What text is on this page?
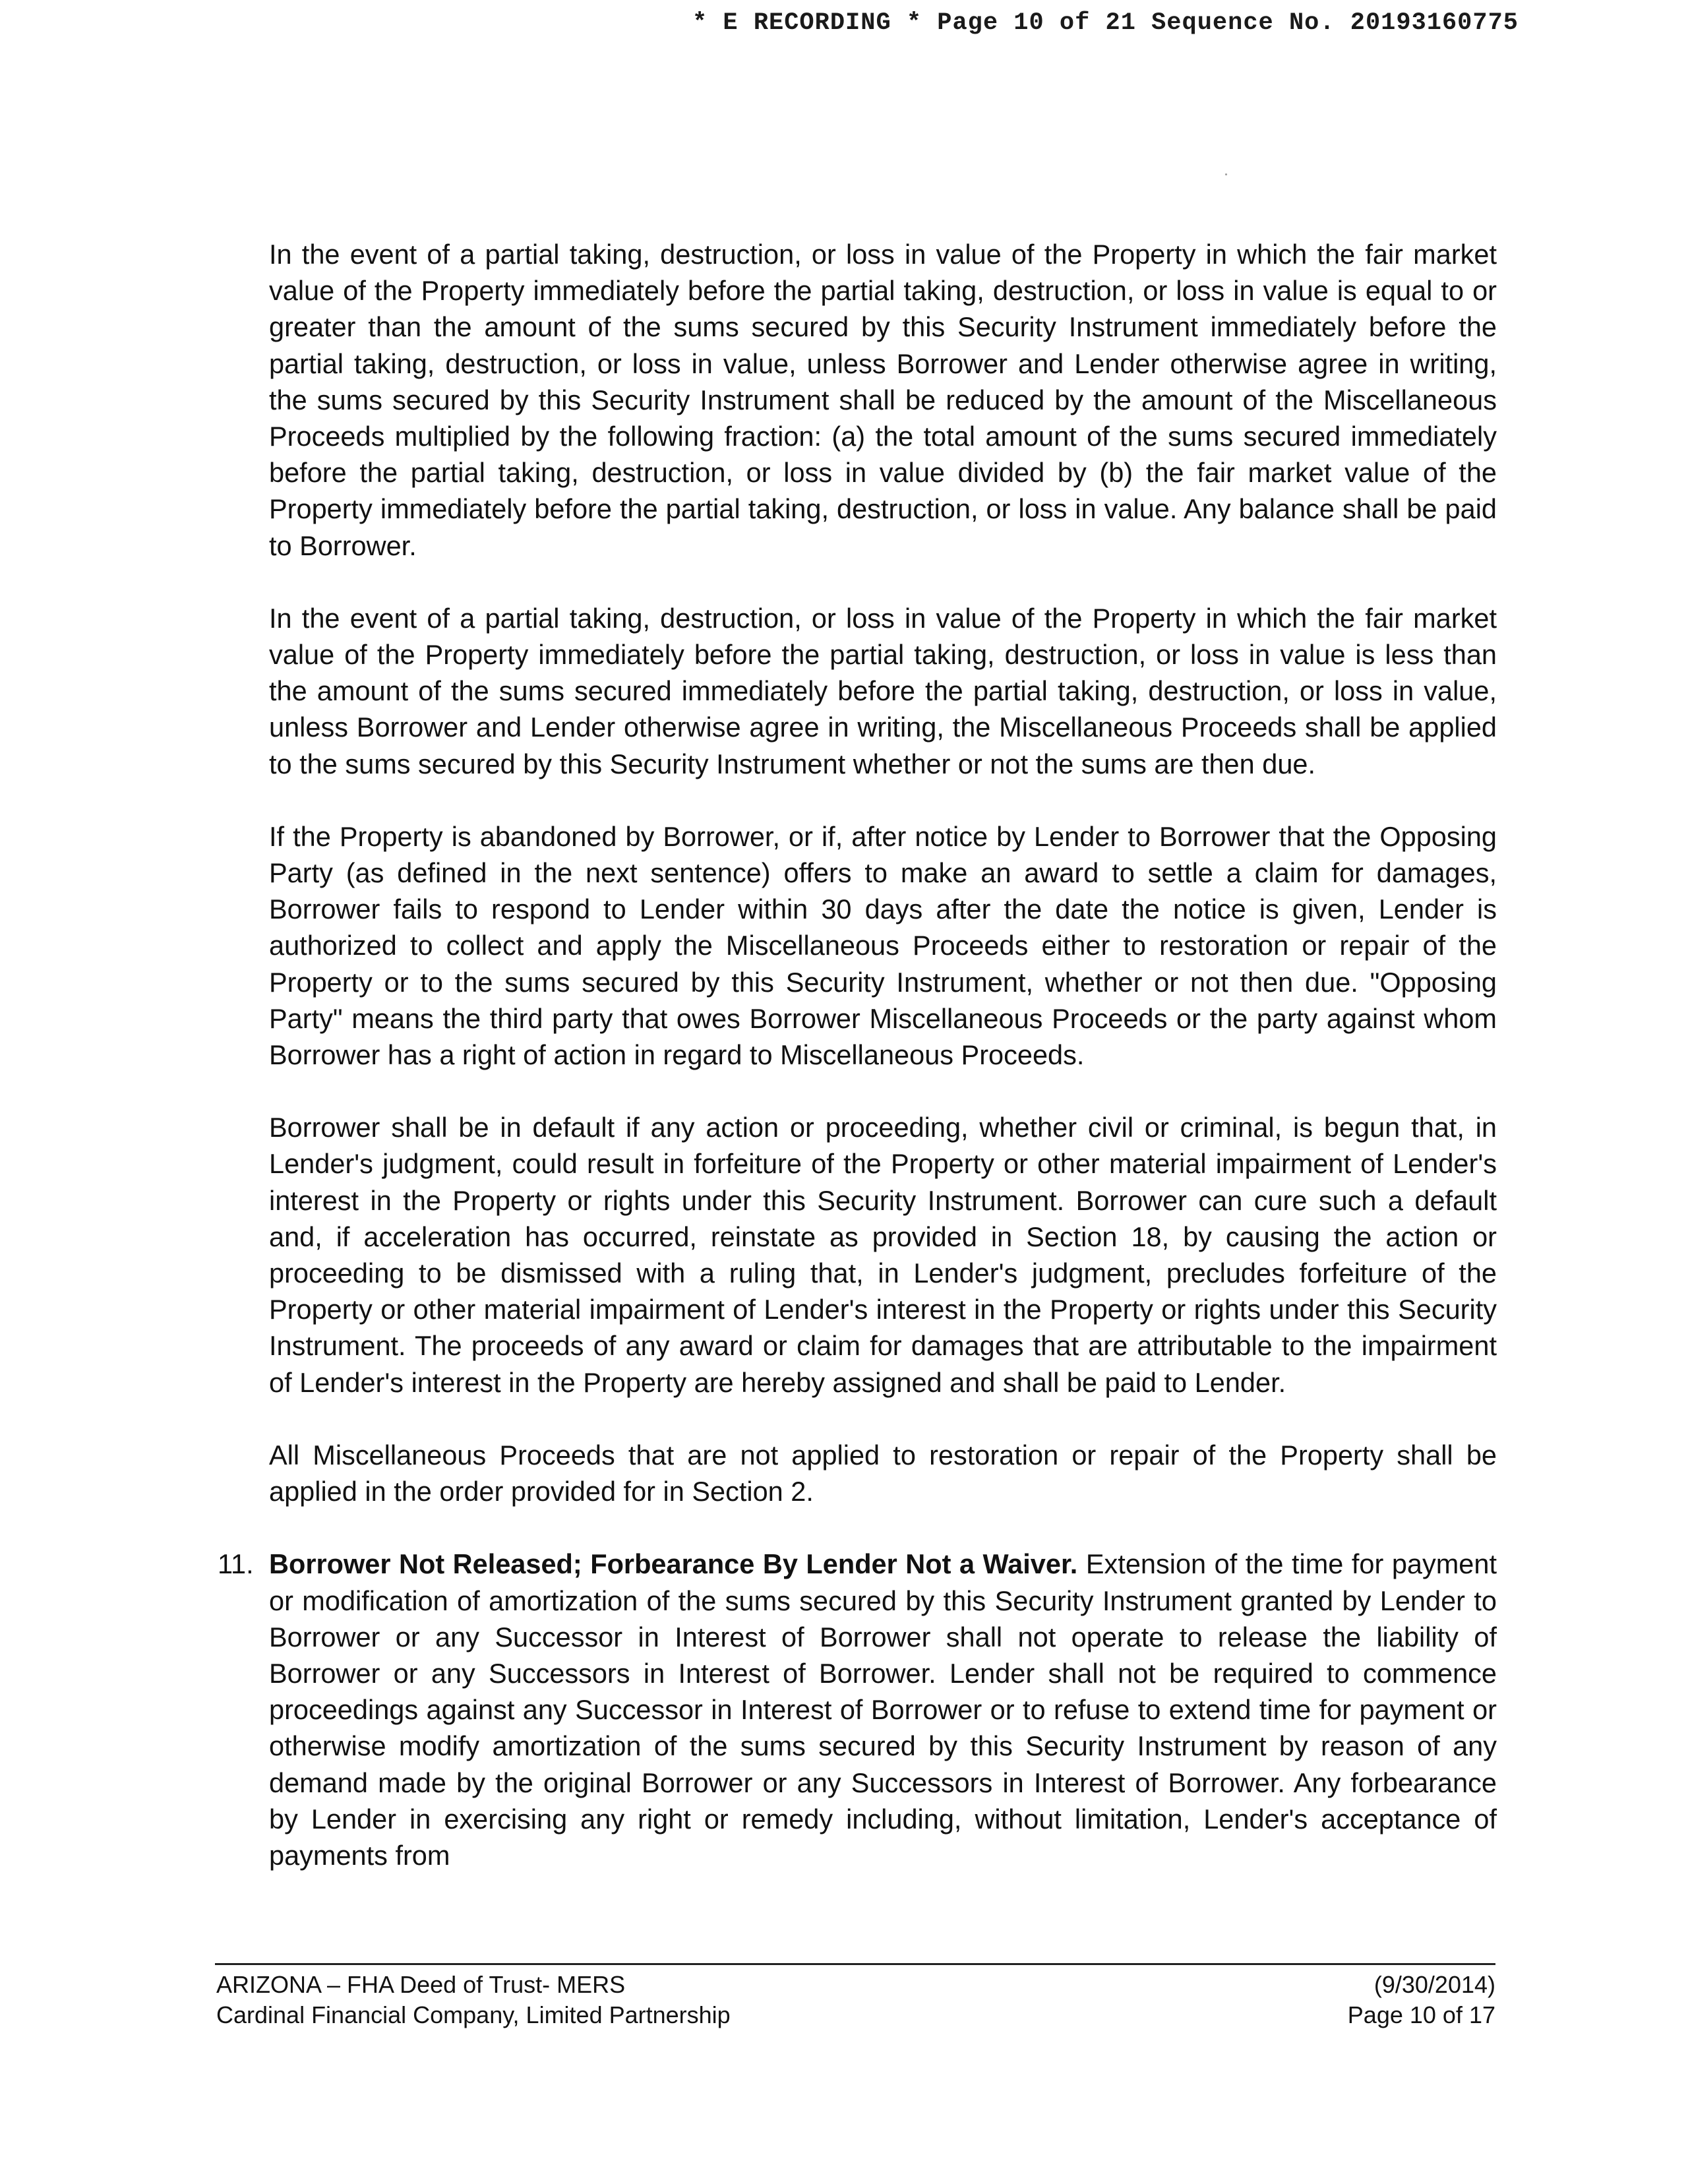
* E RECORDING * Page 10 of 21 Sequence No. 20193160775

In the event of a partial taking, destruction, or loss in value of the Property in which the fair market value of the Property immediately before the partial taking, destruction, or loss in value is equal to or greater than the amount of the sums secured by this Security Instrument immediately before the partial taking, destruction, or loss in value, unless Borrower and Lender otherwise agree in writing, the sums secured by this Security Instrument shall be reduced by the amount of the Miscellaneous Proceeds multiplied by the following fraction: (a) the total amount of the sums secured immediately before the partial taking, destruction, or loss in value divided by (b) the fair market value of the Property immediately before the partial taking, destruction, or loss in value. Any balance shall be paid to Borrower.

In the event of a partial taking, destruction, or loss in value of the Property in which the fair market value of the Property immediately before the partial taking, destruction, or loss in value is less than the amount of the sums secured immediately before the partial taking, destruction, or loss in value, unless Borrower and Lender otherwise agree in writing, the Miscellaneous Proceeds shall be applied to the sums secured by this Security Instrument whether or not the sums are then due.

If the Property is abandoned by Borrower, or if, after notice by Lender to Borrower that the Opposing Party (as defined in the next sentence) offers to make an award to settle a claim for damages, Borrower fails to respond to Lender within 30 days after the date the notice is given, Lender is authorized to collect and apply the Miscellaneous Proceeds either to restoration or repair of the Property or to the sums secured by this Security Instrument, whether or not then due. "Opposing Party" means the third party that owes Borrower Miscellaneous Proceeds or the party against whom Borrower has a right of action in regard to Miscellaneous Proceeds.

Borrower shall be in default if any action or proceeding, whether civil or criminal, is begun that, in Lender's judgment, could result in forfeiture of the Property or other material impairment of Lender's interest in the Property or rights under this Security Instrument. Borrower can cure such a default and, if acceleration has occurred, reinstate as provided in Section 18, by causing the action or proceeding to be dismissed with a ruling that, in Lender's judgment, precludes forfeiture of the Property or other material impairment of Lender's interest in the Property or rights under this Security Instrument. The proceeds of any award or claim for damages that are attributable to the impairment of Lender's interest in the Property are hereby assigned and shall be paid to Lender.

All Miscellaneous Proceeds that are not applied to restoration or repair of the Property shall be applied in the order provided for in Section 2.

11. Borrower Not Released; Forbearance By Lender Not a Waiver. Extension of the time for payment or modification of amortization of the sums secured by this Security Instrument granted by Lender to Borrower or any Successor in Interest of Borrower shall not operate to release the liability of Borrower or any Successors in Interest of Borrower. Lender shall not be required to commence proceedings against any Successor in Interest of Borrower or to refuse to extend time for payment or otherwise modify amortization of the sums secured by this Security Instrument by reason of any demand made by the original Borrower or any Successors in Interest of Borrower. Any forbearance by Lender in exercising any right or remedy including, without limitation, Lender's acceptance of payments from
ARIZONA – FHA Deed of Trust- MERS
Cardinal Financial Company, Limited Partnership
(9/30/2014)
Page 10 of 17
